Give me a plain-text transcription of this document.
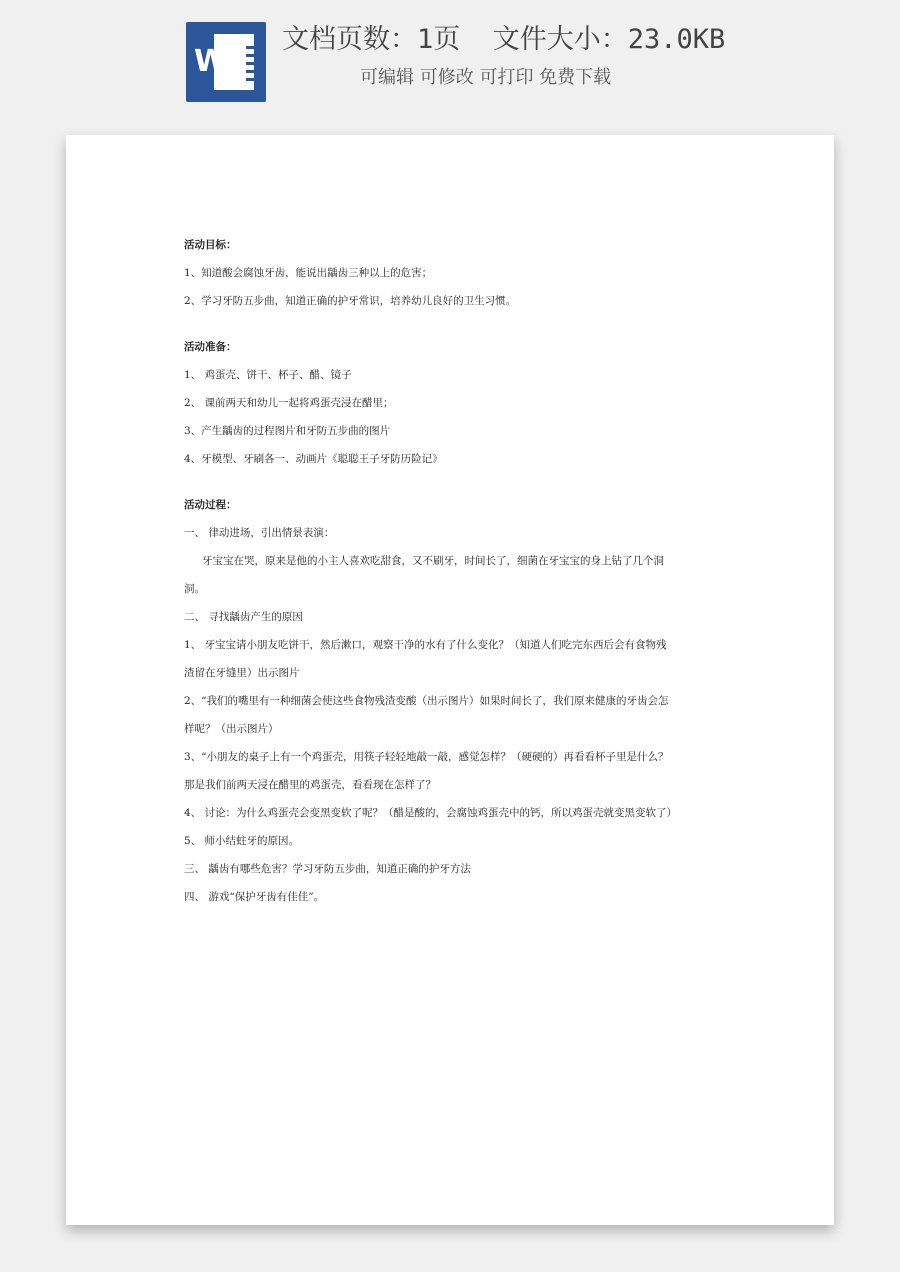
W
文档页数：1页  文件大小：23.0KB
可编辑 可修改 可打印 免费下载
活动目标：
1、知道酸会腐蚀牙齿，能说出龋齿三种以上的危害；
2、学习牙防五步曲，知道正确的护牙常识，培养幼儿良好的卫生习惯。
活动准备：
1、 鸡蛋壳、饼干、杯子、醋、镜子
2、 课前两天和幼儿一起将鸡蛋壳浸在醋里；
3、产生龋齿的过程图片和牙防五步曲的图片
4、牙模型、牙刷各一、动画片《聪聪王子牙防历险记》
活动过程：
一、 律动进场，引出情景表演：
牙宝宝在哭，原来是他的小主人喜欢吃甜食，又不刷牙，时间长了，细菌在牙宝宝的身上钻了几个洞
洞。
二、 寻找龋齿产生的原因
1、 牙宝宝请小朋友吃饼干，然后漱口，观察干净的水有了什么变化？（知道人们吃完东西后会有食物残
渣留在牙缝里）出示图片
2、“我们的嘴里有一种细菌会使这些食物残渣变酸（出示图片）如果时间长了，我们原来健康的牙齿会怎
样呢？（出示图片）
3、“小朋友的桌子上有一个鸡蛋壳，用筷子轻轻地敲一敲，感觉怎样？（硬硬的）再看看杯子里是什么？
那是我们前两天浸在醋里的鸡蛋壳，看看现在怎样了？
4、 讨论：为什么鸡蛋壳会变黑变软了呢？（醋是酸的，会腐蚀鸡蛋壳中的钙，所以鸡蛋壳就变黑变软了）
5、 师小结蛀牙的原因。
三、 龋齿有哪些危害？学习牙防五步曲，知道正确的护牙方法
四、 游戏“保护牙齿有佳佳”。
